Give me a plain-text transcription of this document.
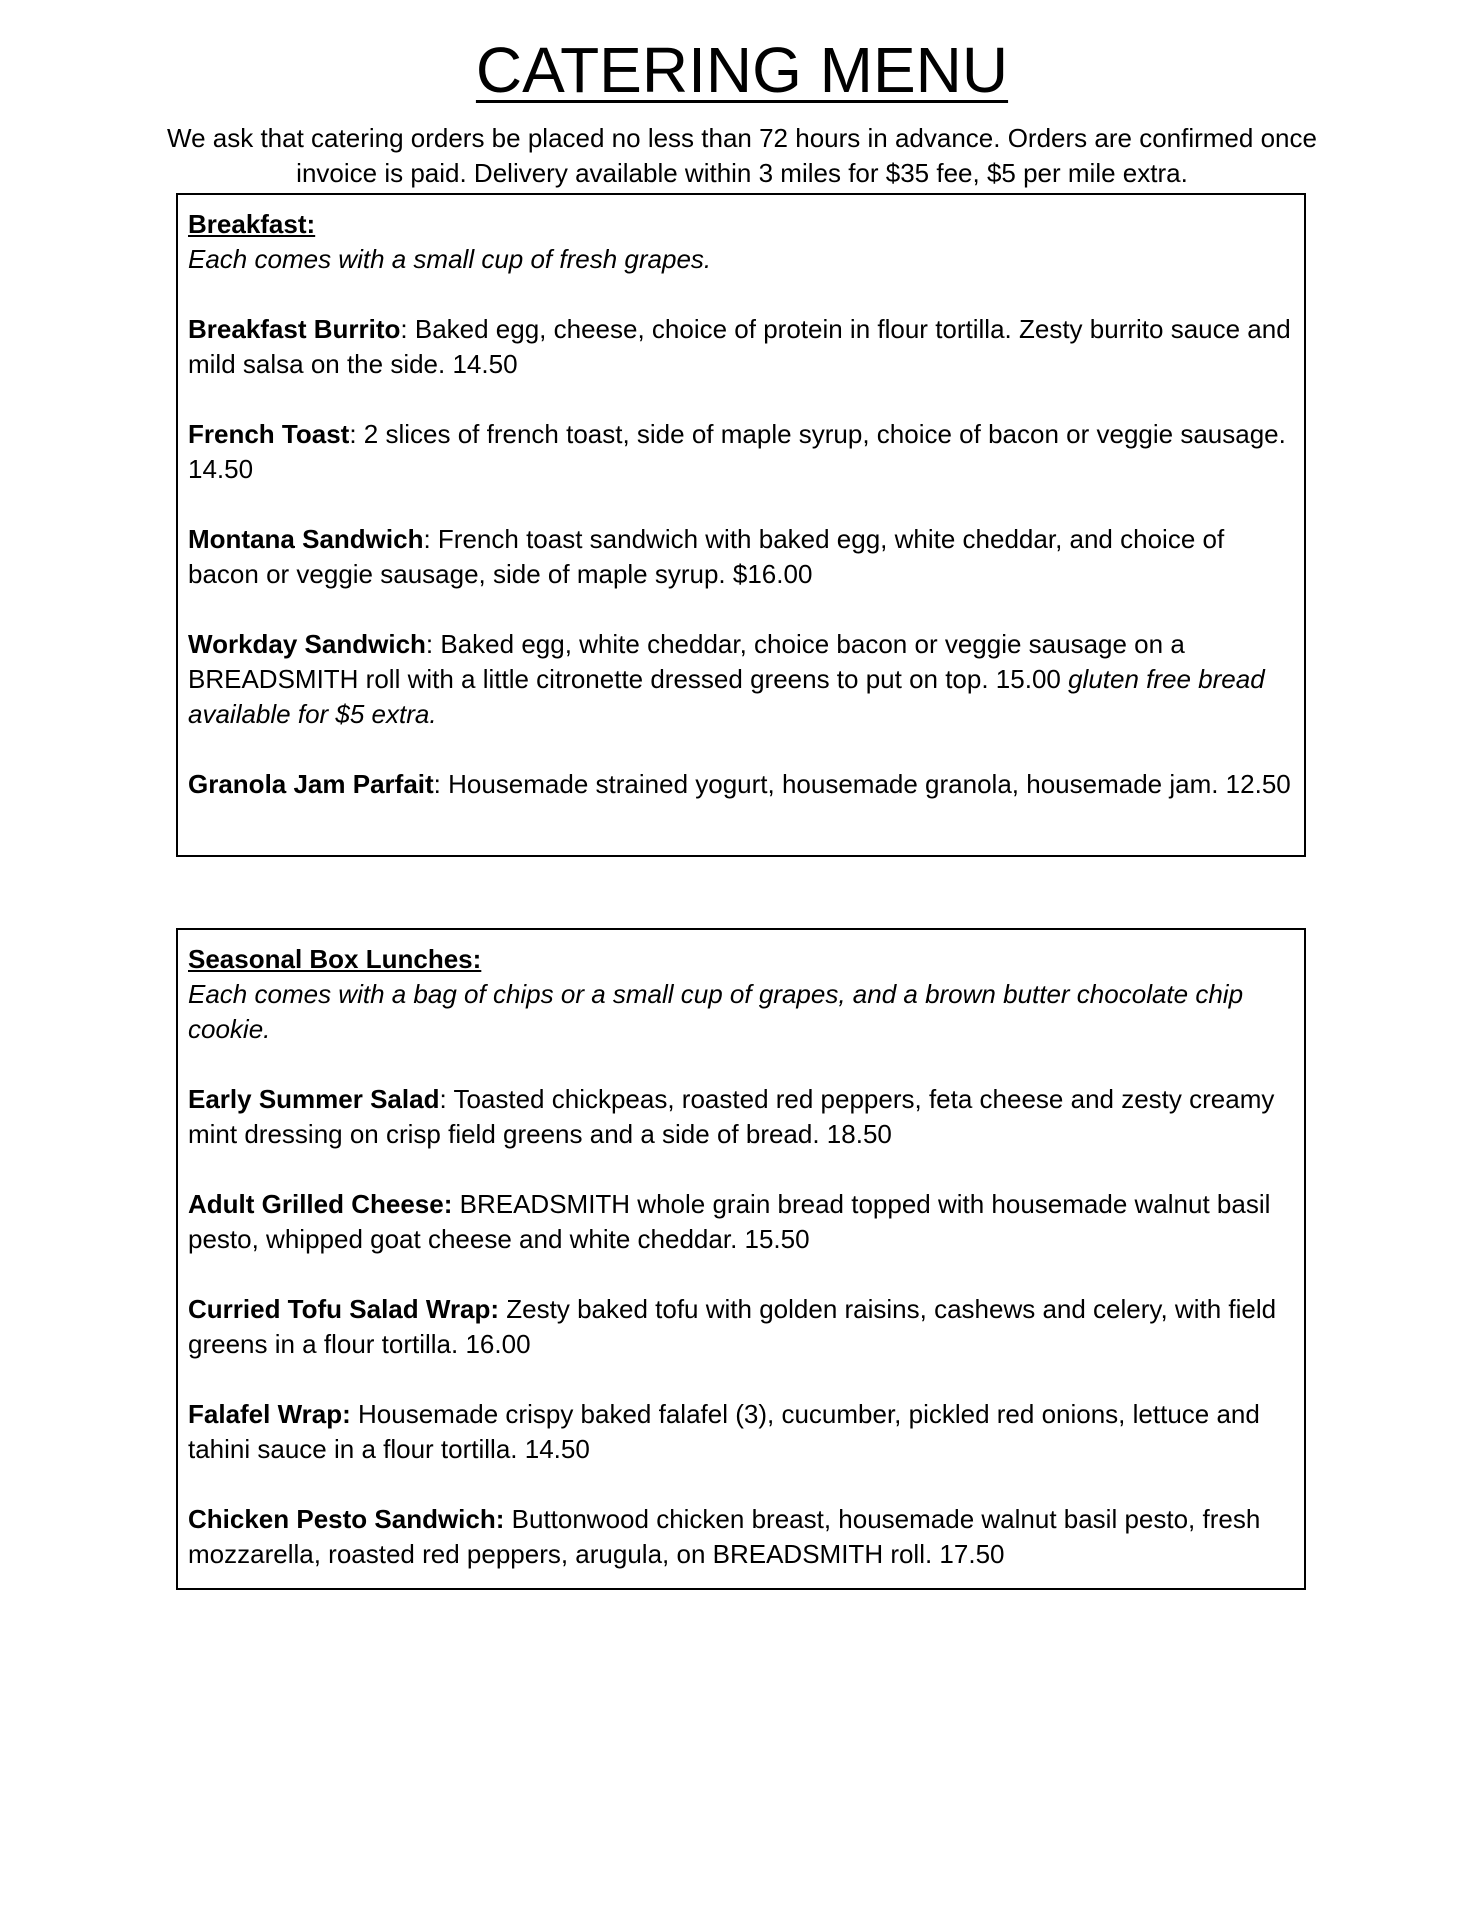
CATERING MENU

We ask that catering orders be placed no less than 72 hours in advance. Orders are confirmed once invoice is paid. Delivery available within 3 miles for $35 fee, $5 per mile extra.

Breakfast:

Each comes with a small cup of fresh grapes.

Breakfast Burrito: Baked egg, cheese, choice of protein in flour tortilla. Zesty burrito sauce and mild salsa on the side. 14.50

French Toast: 2 slices of french toast, side of maple syrup, choice of bacon or veggie sausage. 14.50

Montana Sandwich: French toast sandwich with baked egg, white cheddar, and choice of bacon or veggie sausage, side of maple syrup. $16.00

Workday Sandwich: Baked egg, white cheddar, choice bacon or veggie sausage on a BREADSMITH roll with a little citronette dressed greens to put on top. 15.00 gluten free bread available for $5 extra.

Granola Jam Parfait: Housemade strained yogurt, housemade granola, housemade jam. 12.50

Seasonal Box Lunches:

Each comes with a bag of chips or a small cup of grapes, and a brown butter chocolate chip cookie.

Early Summer Salad: Toasted chickpeas, roasted red peppers, feta cheese and zesty creamy mint dressing on crisp field greens and a side of bread. 18.50

Adult Grilled Cheese: BREADSMITH whole grain bread topped with housemade walnut basil pesto, whipped goat cheese and white cheddar. 15.50

Curried Tofu Salad Wrap: Zesty baked tofu with golden raisins, cashews and celery, with field greens in a flour tortilla. 16.00

Falafel Wrap: Housemade crispy baked falafel (3), cucumber, pickled red onions, lettuce and tahini sauce in a flour tortilla. 14.50

Chicken Pesto Sandwich: Buttonwood chicken breast, housemade walnut basil pesto, fresh mozzarella, roasted red peppers, arugula, on BREADSMITH roll. 17.50
